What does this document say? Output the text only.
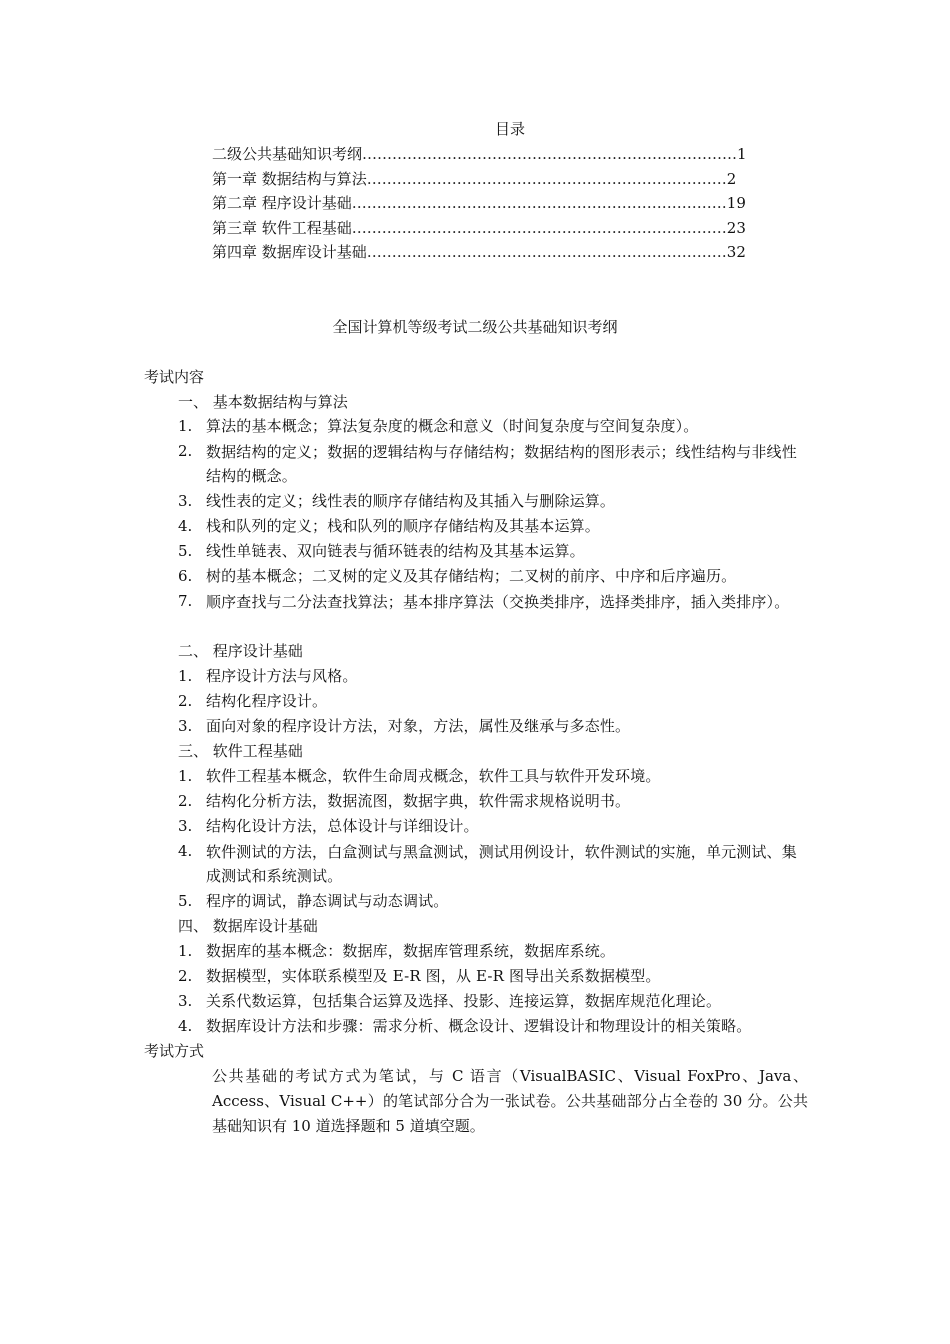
目录
二级公共基础知识考纲 ………………………………………………………………… 1
第一章 数据结构与算法 ……………………………………………………………… 2
第二章 程序设计基础 ………………………………………………………………… 19
第三章 软件工程基础 ………………………………………………………………… 23
第四章 数据库设计基础 ……………………………………………………………… 32
全国计算机等级考试二级公共基础知识考纲
考试内容
一、 基本数据结构与算法
1. 算法的基本概念；算法复杂度的概念和意义（时间复杂度与空间复杂度）。
2. 数据结构的定义；数据的逻辑结构与存储结构；数据结构的图形表示；线性结构与非线性结构的概念。
3. 线性表的定义；线性表的顺序存储结构及其插入与删除运算。
4. 栈和队列的定义；栈和队列的顺序存储结构及其基本运算。
5. 线性单链表、双向链表与循环链表的结构及其基本运算。
6. 树的基本概念；二叉树的定义及其存储结构；二叉树的前序、中序和后序遍历。
7. 顺序查找与二分法查找算法；基本排序算法（交换类排序，选择类排序，插入类排序）。
二、 程序设计基础
1. 程序设计方法与风格。
2. 结构化程序设计。
3. 面向对象的程序设计方法，对象，方法，属性及继承与多态性。
三、 软件工程基础
1. 软件工程基本概念，软件生命周戎概念，软件工具与软件开发环境。
2. 结构化分析方法，数据流图，数据字典，软件需求规格说明书。
3. 结构化设计方法，总体设计与详细设计。
4. 软件测试的方法，白盒测试与黑盒测试，测试用例设计，软件测试的实施，单元测试、集成测试和系统测试。
5. 程序的调试，静态调试与动态调试。
四、 数据库设计基础
1. 数据库的基本概念：数据库，数据库管理系统，数据库系统。
2. 数据模型，实体联系模型及 E-R 图，从 E-R 图导出关系数据模型。
3. 关系代数运算，包括集合运算及选择、投影、连接运算，数据库规范化理论。
4. 数据库设计方法和步骤：需求分析、概念设计、逻辑设计和物理设计的相关策略。
考试方式
公共基础的考试方式为笔试，与 C 语言（VisualBASIC、Visual FoxPro、Java、Access、Visual C++）的笔试部分合为一张试卷。公共基础部分占全卷的 30 分。公共基础知识有 10 道选择题和 5 道填空题。
